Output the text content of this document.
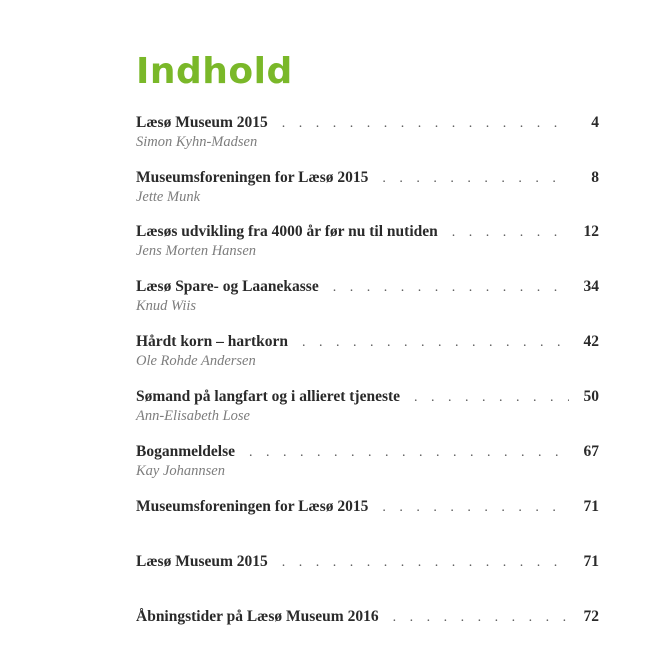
Indhold
Læsø Museum 2015 . . .	4
Simon Kyhn-Madsen
Museumsforeningen for Læsø 2015 . . .	8
Jette Munk
Læsøs udvikling fra 4000 år før nu til nutiden . . .	12
Jens Morten Hansen
Læsø Spare- og Laanekasse . . .	34
Knud Wiis
Hårdt korn – hartkorn . . .	42
Ole Rohde Andersen
Sømand på langfart og i allieret tjeneste . . .	50
Ann-Elisabeth Lose
Boganmeldelse . . .	67
Kay Johannsen
Museumsforeningen for Læsø 2015 . . .	71
Læsø Museum 2015 . . .	71
Åbningstider på Læsø Museum 2016 . . .	72
